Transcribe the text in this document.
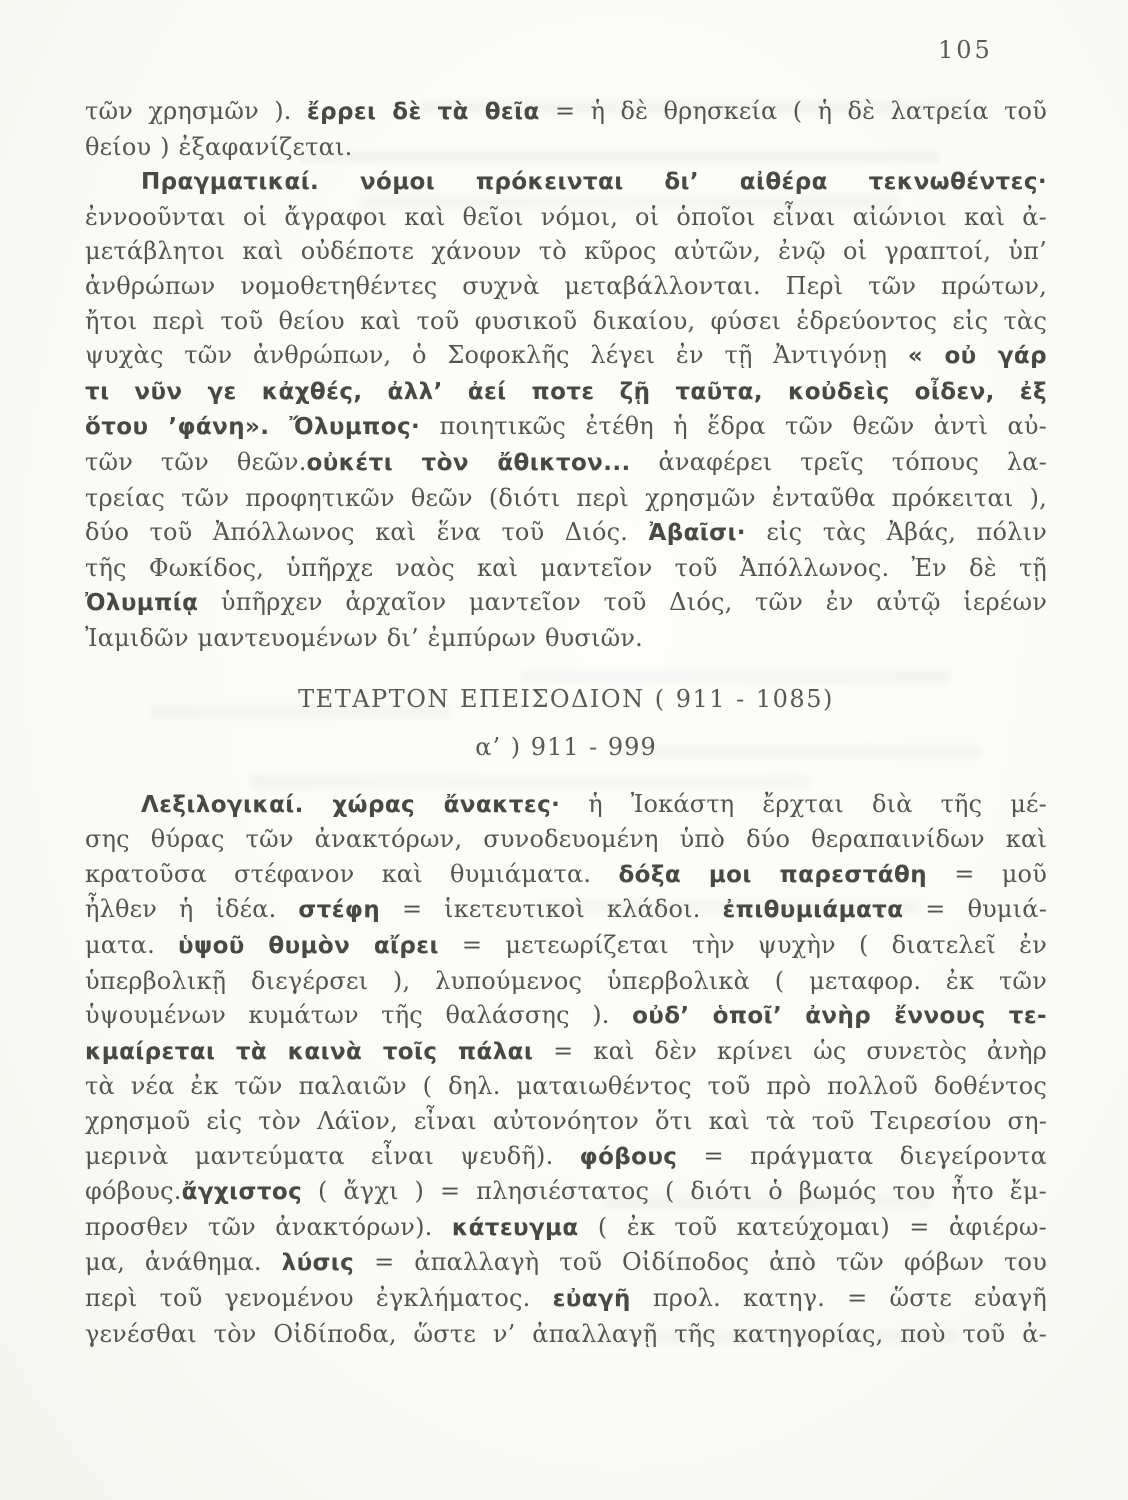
105
τῶν χρησμῶν ). ἔρρει δὲ τὰ θεῖα = ἡ δὲ θρησκεία ( ἡ δὲ λατρεία τοῦ
θείου ) ἐξαφανίζεται.
Πραγματικαί. νόμοι πρόκεινται δι’ αἰθέρα τεκνωθέντες·
ἐννοοῦνται οἱ ἄγραφοι καὶ θεῖοι νόμοι, οἱ ὁποῖοι εἶναι αἰώνιοι καὶ ἀ-
μετάβλητοι καὶ οὐδέποτε χάνουν τὸ κῦρος αὐτῶν, ἐνῷ οἱ γραπτοί, ὑπ’
ἀνθρώπων νομοθετηθέντες συχνὰ μεταβάλλονται. Περὶ τῶν πρώτων,
ἤτοι περὶ τοῦ θείου καὶ τοῦ φυσικοῦ δικαίου, φύσει ἑδρεύοντος εἰς τὰς
ψυχὰς τῶν ἀνθρώπων, ὁ Σοφοκλῆς λέγει ἐν τῇ Ἀντιγόνῃ « οὐ γάρ
τι νῦν γε κἀχθές, ἀλλ’ ἀεί ποτε ζῇ ταῦτα, κοὐδεὶς οἶδεν, ἐξ
ὅτου ’φάνη». Ὄλυμπος· ποιητικῶς ἐτέθη ἡ ἕδρα τῶν θεῶν ἀντὶ αὐ-
τῶν τῶν θεῶν.οὐκέτι τὸν ἄθικτον... ἀναφέρει τρεῖς τόπους λα-
τρείας τῶν προφητικῶν θεῶν (διότι περὶ χρησμῶν ἐνταῦθα πρόκειται ),
δύο τοῦ Ἀπόλλωνος καὶ ἕνα τοῦ Διός. Ἀβαῖσι· εἰς τὰς Ἀβάς, πόλιν
τῆς Φωκίδος, ὑπῆρχε ναὸς καὶ μαντεῖον τοῦ Ἀπόλλωνος. Ἐν δὲ τῇ
Ὀλυμπίᾳ ὑπῆρχεν ἀρχαῖον μαντεῖον τοῦ Διός, τῶν ἐν αὐτῷ ἱερέων
Ἰαμιδῶν μαντευομένων δι’ ἐμπύρων θυσιῶν.
ΤΕΤΑΡΤΟΝ ΕΠΕΙΣΟΔΙΟΝ ( 911 - 1085)
α’ ) 911 - 999
Λεξιλογικαί. χώρας ἄνακτες· ἡ Ἰοκάστη ἔρχται διὰ τῆς μέ-
σης θύρας τῶν ἀνακτόρων, συνοδευομένη ὑπὸ δύο θεραπαινίδων καὶ
κρατοῦσα στέφανον καὶ θυμιάματα. δόξα μοι παρεστάθη = μοῦ
ἦλθεν ἡ ἰδέα. στέφη = ἱκετευτικοὶ κλάδοι. ἐπιθυμιάματα = θυμιά-
ματα. ὑψοῦ θυμὸν αἴρει = μετεωρίζεται τὴν ψυχὴν ( διατελεῖ ἐν
ὑπερβολικῇ διεγέρσει ), λυπούμενος ὑπερβολικὰ ( μεταφορ. ἐκ τῶν
ὑψουμένων κυμάτων τῆς θαλάσσης ). οὐδ’ ὁποῖ’ ἀνὴρ ἔννους τε-
κμαίρεται τὰ καινὰ τοῖς πάλαι = καὶ δὲν κρίνει ὡς συνετὸς ἀνὴρ
τὰ νέα ἐκ τῶν παλαιῶν ( δηλ. ματαιωθέντος τοῦ πρὸ πολλοῦ δοθέντος
χρησμοῦ εἰς τὸν Λάϊον, εἶναι αὐτονόητον ὅτι καὶ τὰ τοῦ Τειρεσίου ση-
μερινὰ μαντεύματα εἶναι ψευδῆ). φόβους = πράγματα διεγείροντα
φόβους.ἄγχιστος ( ἄγχι ) = πλησιέστατος ( διότι ὁ βωμός του ἦτο ἔμ-
προσθεν τῶν ἀνακτόρων). κάτευγμα ( ἐκ τοῦ κατεύχομαι) = ἀφιέρω-
μα, ἀνάθημα. λύσις = ἀπαλλαγὴ τοῦ Οἰδίποδος ἀπὸ τῶν φόβων του
περὶ τοῦ γενομένου ἐγκλήματος. εὐαγῆ προλ. κατηγ. = ὥστε εὐαγῆ
γενέσθαι τὸν Οἰδίποδα, ὥστε ν’ ἀπαλλαγῇ τῆς κατηγορίας, ποὺ τοῦ ἀ-
